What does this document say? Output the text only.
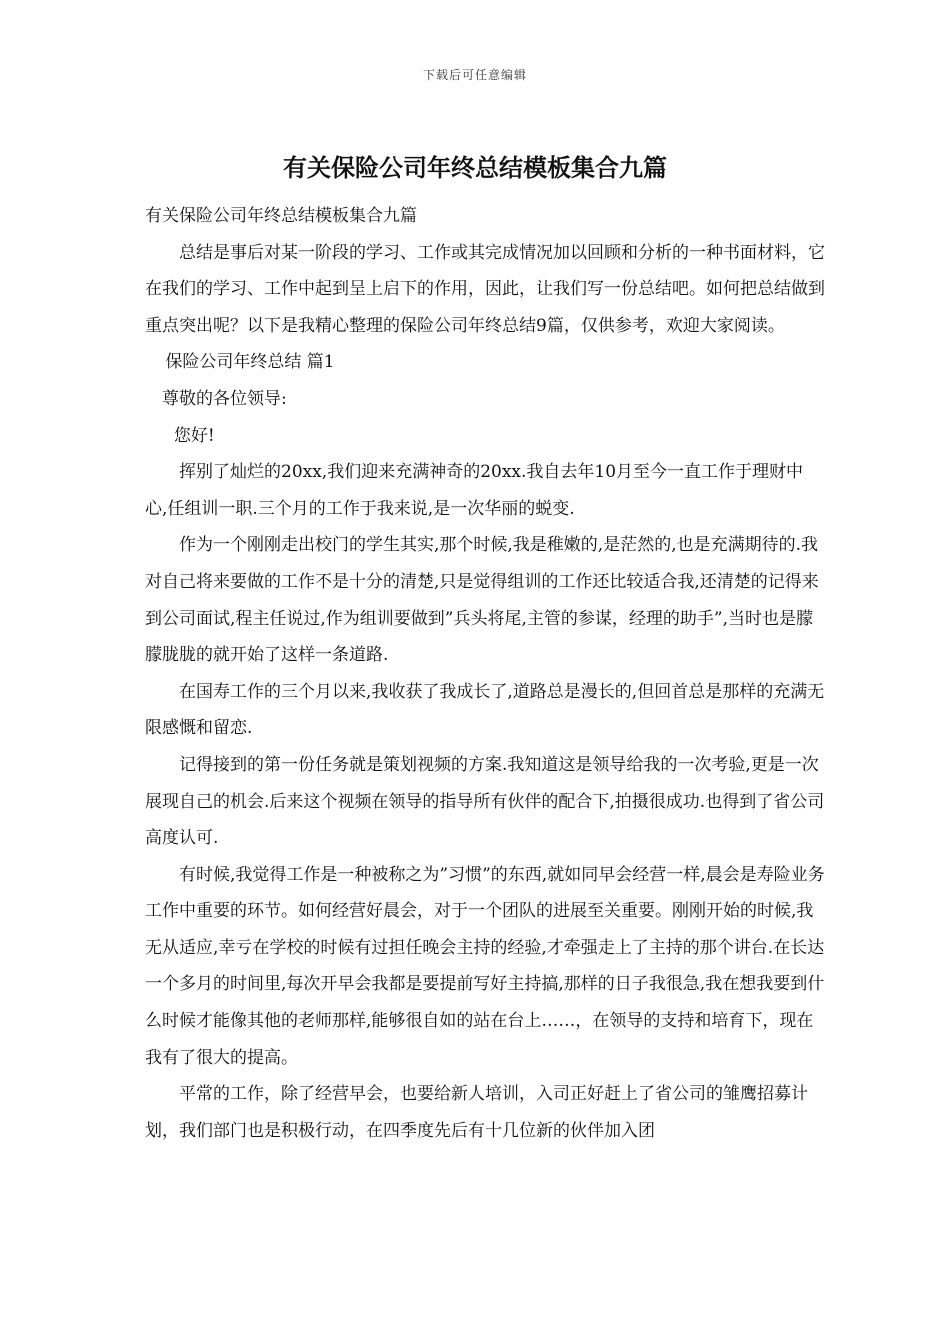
下载后可任意编辑
有关保险公司年终总结模板集合九篇

有关保险公司年终总结模板集合九篇

总结是事后对某一阶段的学习、工作或其完成情况加以回顾和分析的一种书面材料，它在我们的学习、工作中起到呈上启下的作用，因此，让我们写一份总结吧。如何把总结做到重点突出呢？以下是我精心整理的保险公司年终总结9篇，仅供参考，欢迎大家阅读。

保险公司年终总结 篇1

尊敬的各位领导:

您好!

挥别了灿烂的20xx,我们迎来充满神奇的20xx.我自去年10月至今一直工作于理财中心,任组训一职.三个月的工作于我来说,是一次华丽的蜕变.

作为一个刚刚走出校门的学生其实,那个时候,我是稚嫩的,是茫然的,也是充满期待的.我对自己将来要做的工作不是十分的清楚,只是觉得组训的工作还比较适合我,还清楚的记得来到公司面试,程主任说过,作为组训要做到”兵头将尾,主管的参谋，经理的助手”,当时也是朦朦胧胧的就开始了这样一条道路.

在国寿工作的三个月以来,我收获了我成长了,道路总是漫长的,但回首总是那样的充满无限感慨和留恋.

记得接到的第一份任务就是策划视频的方案.我知道这是领导给我的一次考验,更是一次展现自己的机会.后来这个视频在领导的指导所有伙伴的配合下,拍摄很成功.也得到了省公司高度认可.

有时候,我觉得工作是一种被称之为”习惯”的东西,就如同早会经营一样,晨会是寿险业务工作中重要的环节。如何经营好晨会，对于一个团队的进展至关重要。刚刚开始的时候,我无从适应,幸亏在学校的时候有过担任晚会主持的经验,才牵强走上了主持的那个讲台.在长达一个多月的时间里,每次开早会我都是要提前写好主持搞,那样的日子我很急,我在想我要到什么时候才能像其他的老师那样,能够很自如的站在台上……，在领导的支持和培育下，现在我有了很大的提高。

平常的工作，除了经营早会，也要给新人培训，入司正好赶上了省公司的雏鹰招募计划，我们部门也是积极行动，在四季度先后有十几位新的伙伴加入团
